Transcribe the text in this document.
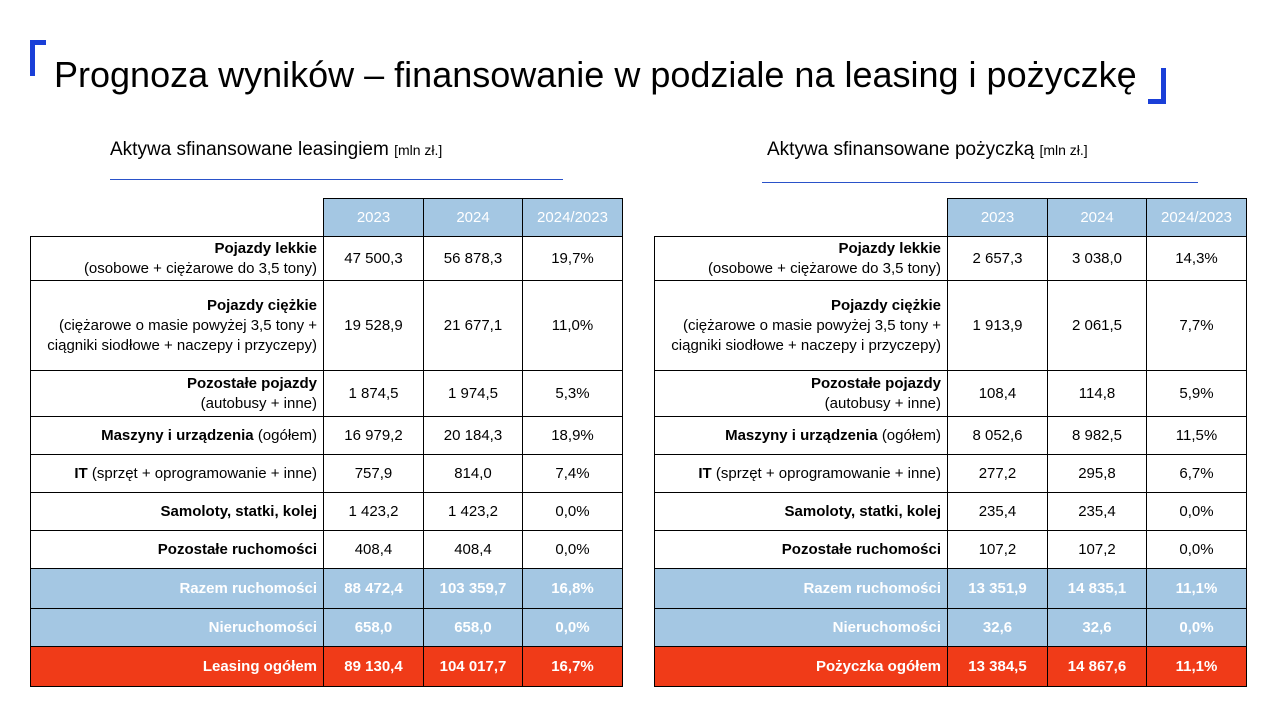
Prognoza wyników – finansowanie w podziale na leasing i pożyczkę
Aktywa sfinansowane leasingiem [mln zł.]
	2023	2024	2024/2023
Pojazdy lekkie
(osobowe + ciężarowe do 3,5 tony)	47 500,3	56 878,3	19,7%
Pojazdy ciężkie
(ciężarowe o masie powyżej 3,5 tony + ciągniki siodłowe + naczepy i przyczepy)	19 528,9	21 677,1	11,0%
Pozostałe pojazdy
(autobusy + inne)	1 874,5	1 974,5	5,3%
Maszyny i urządzenia (ogółem)	16 979,2	20 184,3	18,9%
IT (sprzęt + oprogramowanie + inne)	757,9	814,0	7,4%
Samoloty, statki, kolej	1 423,2	1 423,2	0,0%
Pozostałe ruchomości	408,4	408,4	0,0%
Razem ruchomości	88 472,4	103 359,7	16,8%
Nieruchomości	658,0	658,0	0,0%
Leasing ogółem	89 130,4	104 017,7	16,7%
Aktywa sfinansowane pożyczką [mln zł.]
	2023	2024	2024/2023
Pojazdy lekkie
(osobowe + ciężarowe do 3,5 tony)	2 657,3	3 038,0	14,3%
Pojazdy ciężkie
(ciężarowe o masie powyżej 3,5 tony + ciągniki siodłowe + naczepy i przyczepy)	1 913,9	2 061,5	7,7%
Pozostałe pojazdy
(autobusy + inne)	108,4	114,8	5,9%
Maszyny i urządzenia (ogółem)	8 052,6	8 982,5	11,5%
IT (sprzęt + oprogramowanie + inne)	277,2	295,8	6,7%
Samoloty, statki, kolej	235,4	235,4	0,0%
Pozostałe ruchomości	107,2	107,2	0,0%
Razem ruchomości	13 351,9	14 835,1	11,1%
Nieruchomości	32,6	32,6	0,0%
Pożyczka ogółem	13 384,5	14 867,6	11,1%
